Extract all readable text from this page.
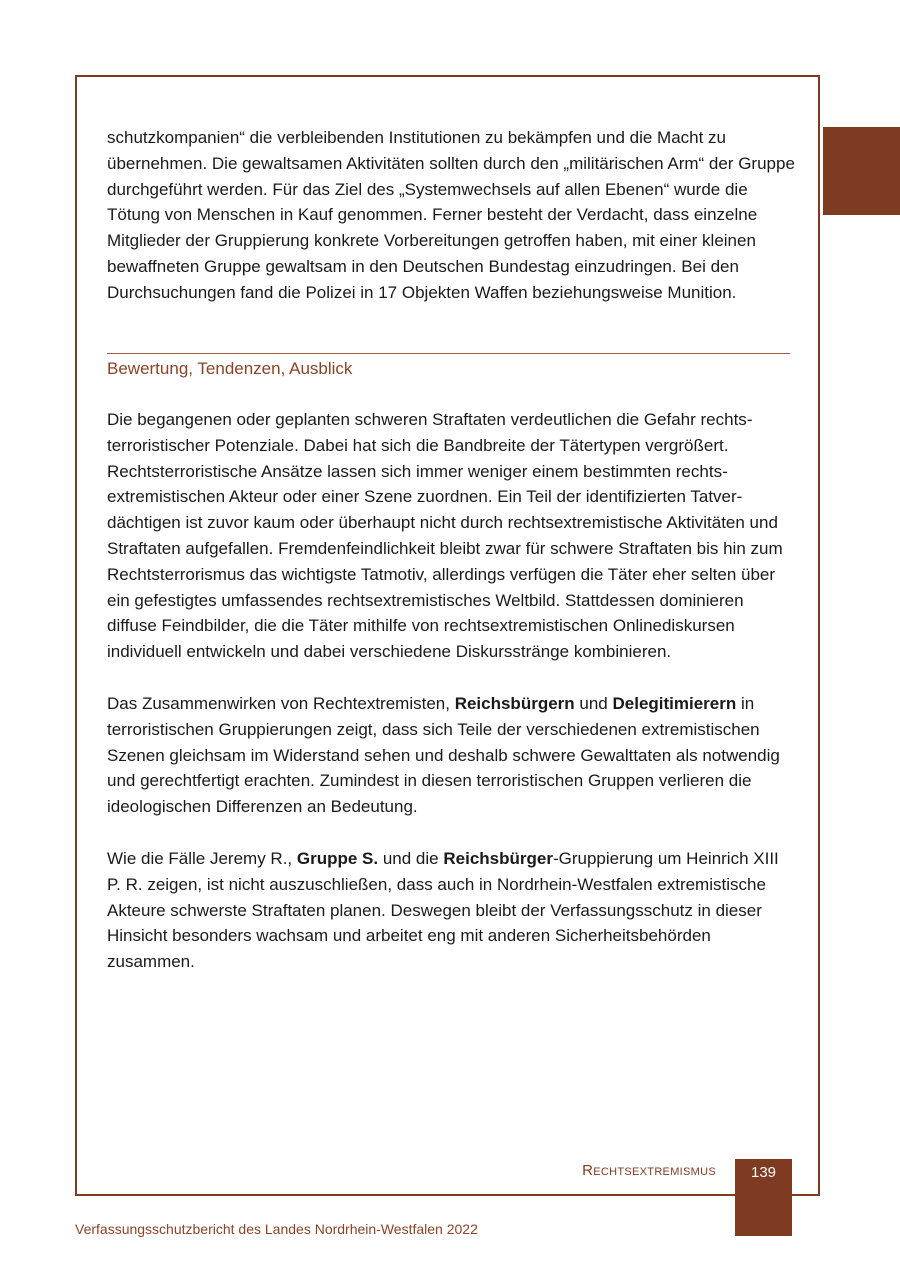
schutzkompanien“ die verbleibenden Institutionen zu bekämpfen und die Macht zu übernehmen. Die gewaltsamen Aktivitäten sollten durch den „militärischen Arm“ der Gruppe durchgeführt werden. Für das Ziel des „Systemwechsels auf allen Ebenen“ wurde die Tötung von Menschen in Kauf genommen. Ferner besteht der Verdacht, dass einzelne Mitglieder der Gruppierung konkrete Vorbereitungen getroffen haben, mit einer kleinen bewaffneten Gruppe gewaltsam in den Deutschen Bundestag einzudringen. Bei den Durchsuchungen fand die Polizei in 17 Objekten Waffen beziehungsweise Munition.

Bewertung, Tendenzen, Ausblick

Die begangenen oder geplanten schweren Straftaten verdeutlichen die Gefahr rechtsterroristischer Potenziale. Dabei hat sich die Bandbreite der Tätertypen vergrößert. Rechtsterroristische Ansätze lassen sich immer weniger einem bestimmten rechtsextremistischen Akteur oder einer Szene zuordnen. Ein Teil der identifizierten Tatverdächtigen ist zuvor kaum oder überhaupt nicht durch rechtsextremistische Aktivitäten und Straftaten aufgefallen. Fremdenfeindlichkeit bleibt zwar für schwere Straftaten bis hin zum Rechtsterrorismus das wichtigste Tatmotiv, allerdings verfügen die Täter eher selten über ein gefestigtes umfassendes rechtsextremistisches Weltbild. Stattdessen dominieren diffuse Feindbilder, die die Täter mithilfe von rechtsextremistischen Onlinediskursen individuell entwickeln und dabei verschiedene Diskursstränge kombinieren.

Das Zusammenwirken von Rechtextremisten, Reichsbürgern und Delegitimierern in terroristischen Gruppierungen zeigt, dass sich Teile der verschiedenen extremistischen Szenen gleichsam im Widerstand sehen und deshalb schwere Gewalttaten als notwendig und gerechtfertigt erachten. Zumindest in diesen terroristischen Gruppen verlieren die ideologischen Differenzen an Bedeutung.

Wie die Fälle Jeremy R., Gruppe S. und die Reichsbürger-Gruppierung um Heinrich XIII P. R. zeigen, ist nicht auszuschließen, dass auch in Nordrhein-Westfalen extremistische Akteure schwerste Straftaten planen. Deswegen bleibt der Verfassungsschutz in dieser Hinsicht besonders wachsam und arbeitet eng mit anderen Sicherheitsbehörden zusammen.

Rechtsextremismus	139
Verfassungsschutzbericht des Landes Nordrhein-Westfalen 2022
